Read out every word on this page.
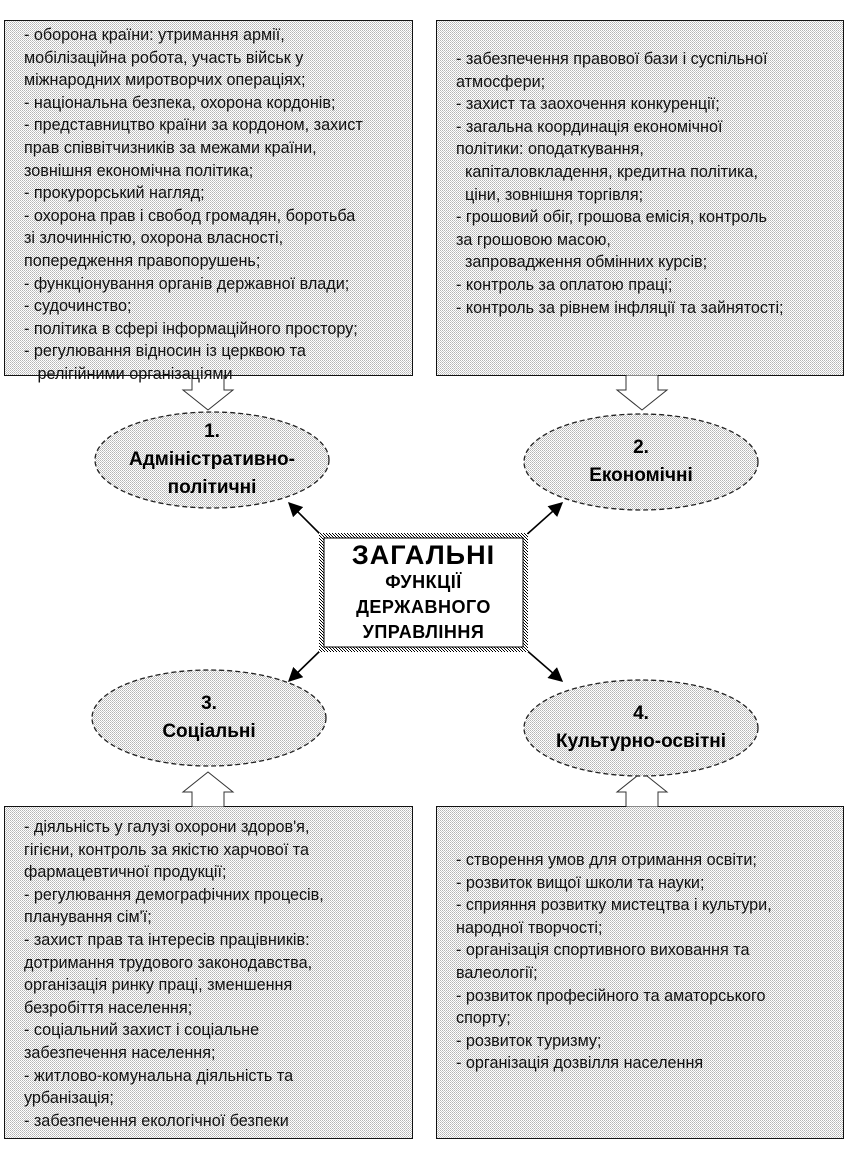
- оборона країни: утримання армії,
мобілізаційна робота, участь військ у
міжнародних миротворчих операціях;
- національна безпека, охорона кордонів;
- представництво країни за кордоном, захист
прав співвітчизників за межами країни,
зовнішня економічна політика;
- прокурорський нагляд;
- охорона прав і свобод громадян, боротьба
зі злочинністю, охорона власності,
попередження правопорушень;
- функціонування органів державної влади;
- судочинство;
- політика в сфері інформаційного простору;
- регулювання відносин із церквою та
релігійними організаціями
- забезпечення правової бази і суспільної
атмосфери;
- захист та заохочення конкуренції;
- загальна координація економічної
політики: оподаткування,
капіталовкладення, кредитна політика,
ціни, зовнішня торгівля;
- грошовий обіг, грошова емісія, контроль
за грошовою масою,
запровадження обмінних курсів;
- контроль за оплатою праці;
- контроль за рівнем інфляції та зайнятості;
- діяльність у галузі охорони здоров'я,
гігієни, контроль за якістю харчової та
фармацевтичної продукції;
- регулювання демографічних процесів,
планування сім'ї;
- захист прав та інтересів працівників:
дотримання трудового законодавства,
організація ринку праці, зменшення
безробіття населення;
- соціальний захист і соціальне
забезпечення населення;
- житлово-комунальна діяльність та
урбанізація;
- забезпечення екологічної безпеки
- створення умов для отримання освіти;
- розвиток вищої школи та науки;
- сприяння розвитку мистецтва і культури,
народної творчості;
- організація спортивного виховання та
валеології;
- розвиток професійного та аматорського
спорту;
- розвиток туризму;
- організація дозвілля населення
1.
Адміністративно-
політичні
2.
Економічні
3.
Соціальні
4.
Культурно-освітні
ЗАГАЛЬНІ
ФУНКЦІЇ
ДЕРЖАВНОГО
УПРАВЛІННЯ
